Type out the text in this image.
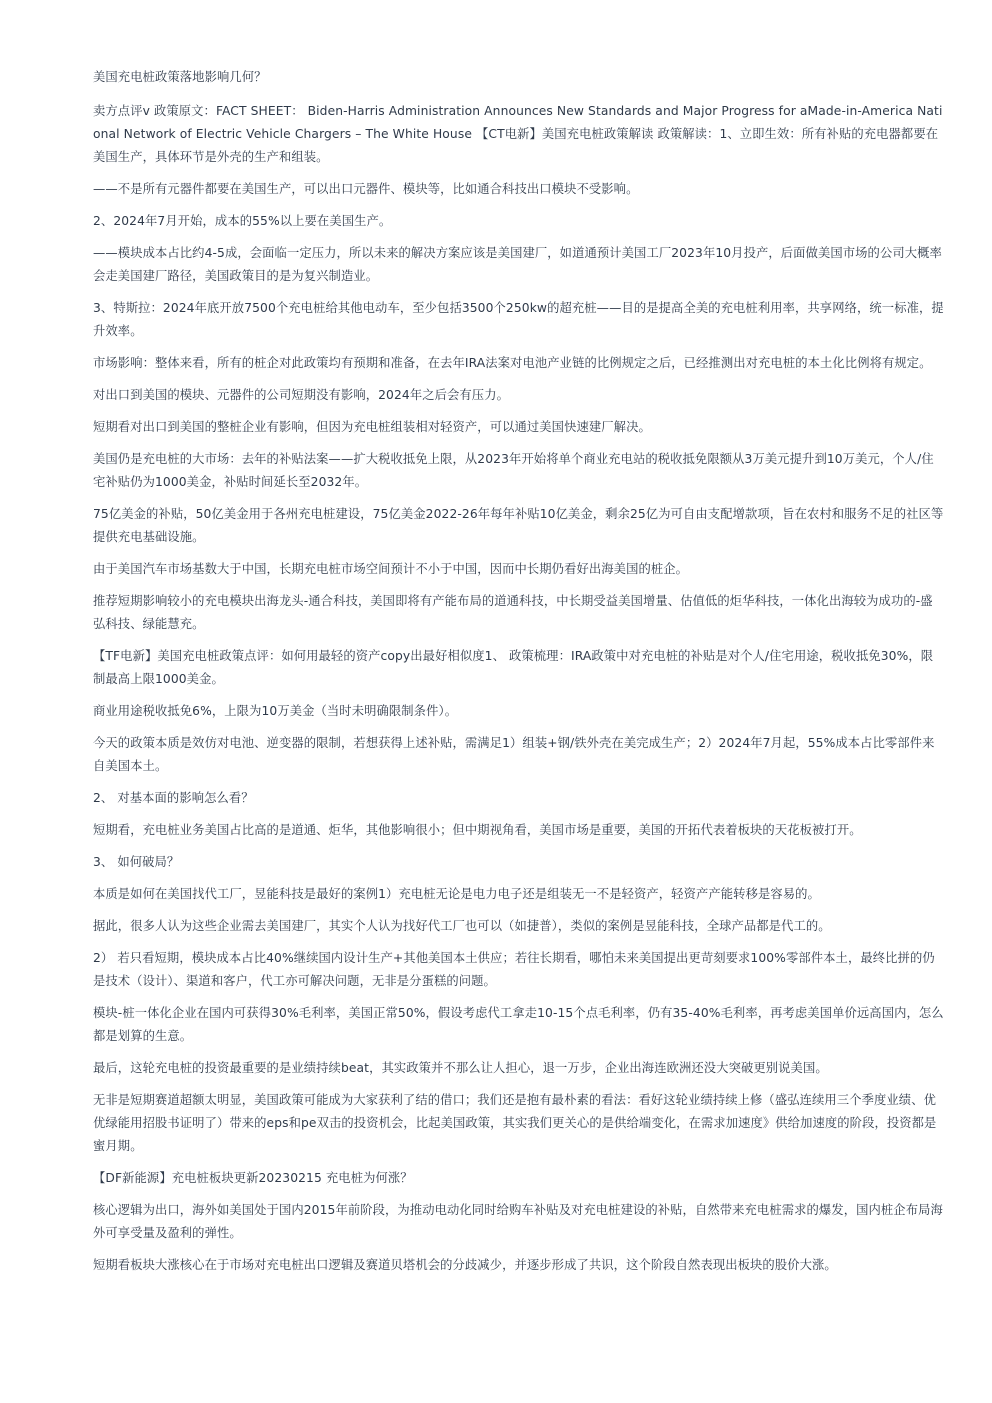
美国充电桩政策落地影响几何？

卖方点评v 政策原文：FACT SHEET： Biden-Harris Administration Announces New Standards and Major Progress for aMade-in-America National Network of Electric Vehicle Chargers – The White House 【CT电新】美国充电桩政策解读 政策解读：1、立即生效：所有补贴的充电器都要在美国生产，具体环节是外壳的生产和组装。

——不是所有元器件都要在美国生产，可以出口元器件、模块等，比如通合科技出口模块不受影响。

2、2024年7月开始，成本的55%以上要在美国生产。

——模块成本占比约4-5成，会面临一定压力，所以未来的解决方案应该是美国建厂，如道通预计美国工厂2023年10月投产，后面做美国市场的公司大概率会走美国建厂路径，美国政策目的是为复兴制造业。

3、特斯拉：2024年底开放7500个充电桩给其他电动车，至少包括3500个250kw的超充桩——目的是提高全美的充电桩利用率，共享网络，统一标准，提升效率。

市场影响：整体来看，所有的桩企对此政策均有预期和准备，在去年IRA法案对电池产业链的比例规定之后，已经推测出对充电桩的本土化比例将有规定。

对出口到美国的模块、元器件的公司短期没有影响，2024年之后会有压力。

短期看对出口到美国的整桩企业有影响，但因为充电桩组装相对轻资产，可以通过美国快速建厂解决。

美国仍是充电桩的大市场：去年的补贴法案——扩大税收抵免上限，从2023年开始将单个商业充电站的税收抵免限额从3万美元提升到10万美元，个人/住宅补贴仍为1000美金，补贴时间延长至2032年。

75亿美金的补贴，50亿美金用于各州充电桩建设，75亿美金2022-26年每年补贴10亿美金，剩余25亿为可自由支配增款项，旨在农村和服务不足的社区等提供充电基础设施。

由于美国汽车市场基数大于中国，长期充电桩市场空间预计不小于中国，因而中长期仍看好出海美国的桩企。

推荐短期影响较小的充电模块出海龙头-通合科技，美国即将有产能布局的道通科技，中长期受益美国增量、估值低的炬华科技，一体化出海较为成功的-盛弘科技、绿能慧充。

【TF电新】美国充电桩政策点评：如何用最轻的资产copy出最好相似度1、 政策梳理：IRA政策中对充电桩的补贴是对个人/住宅用途，税收抵免30%，限制最高上限1000美金。

商业用途税收抵免6%，上限为10万美金（当时未明确限制条件）。

今天的政策本质是效仿对电池、逆变器的限制，若想获得上述补贴，需满足1）组装+钢/铁外壳在美完成生产；2）2024年7月起，55%成本占比零部件来自美国本土。

2、 对基本面的影响怎么看？

短期看，充电桩业务美国占比高的是道通、炬华，其他影响很小；但中期视角看，美国市场是重要，美国的开拓代表着板块的天花板被打开。

3、 如何破局？

本质是如何在美国找代工厂，昱能科技是最好的案例1）充电桩无论是电力电子还是组装无一不是轻资产，轻资产产能转移是容易的。

据此，很多人认为这些企业需去美国建厂，其实个人认为找好代工厂也可以（如捷普），类似的案例是昱能科技，全球产品都是代工的。

2） 若只看短期，模块成本占比40%继续国内设计生产+其他美国本土供应；若往长期看，哪怕未来美国提出更苛刻要求100%零部件本土，最终比拼的仍是技术（设计）、渠道和客户，代工亦可解决问题，无非是分蛋糕的问题。

模块-桩一体化企业在国内可获得30%毛利率，美国正常50%，假设考虑代工拿走10-15个点毛利率，仍有35-40%毛利率，再考虑美国单价远高国内，怎么都是划算的生意。

最后，这轮充电桩的投资最重要的是业绩持续beat，其实政策并不那么让人担心，退一万步，企业出海连欧洲还没大突破更别说美国。

无非是短期赛道超额太明显，美国政策可能成为大家获利了结的借口；我们还是抱有最朴素的看法：看好这轮业绩持续上修（盛弘连续用三个季度业绩、优优绿能用招股书证明了）带来的eps和pe双击的投资机会，比起美国政策，其实我们更关心的是供给端变化，在需求加速度》供给加速度的阶段，投资都是蜜月期。

【DF新能源】充电桩板块更新20230215 充电桩为何涨？

核心逻辑为出口，海外如美国处于国内2015年前阶段，为推动电动化同时给购车补贴及对充电桩建设的补贴，自然带来充电桩需求的爆发，国内桩企布局海外可享受量及盈利的弹性。

短期看板块大涨核心在于市场对充电桩出口逻辑及赛道贝塔机会的分歧减少，并逐步形成了共识，这个阶段自然表现出板块的股价大涨。
